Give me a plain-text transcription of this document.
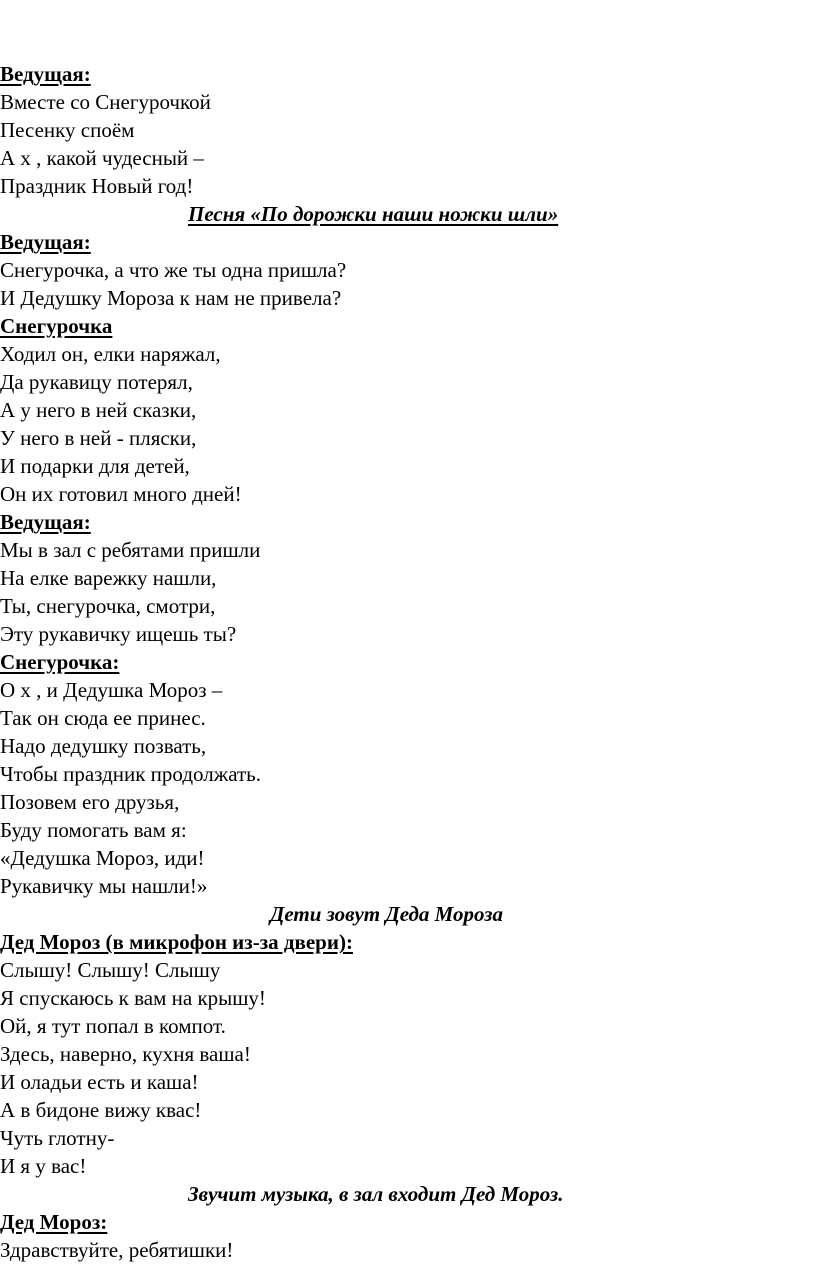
Ведущая:
Вместе со Снегурочкой
Песенку споём
А х , какой чудесный –
Праздник Новый год!
Песня «По дорожки наши ножки шли»
Ведущая:
Снегурочка, а что же ты одна пришла?
И Дедушку Мороза к нам не привела?
Снегурочка
Ходил он, елки наряжал,
Да рукавицу потерял,
А у него в ней сказки,
У него в ней - пляски,
И подарки для детей,
Он их готовил много дней!
Ведущая:
Мы в зал с ребятами пришли
На елке варежку нашли,
Ты, снегурочка, смотри,
Эту рукавичку ищешь ты?
Снегурочка:
О х , и Дедушка Мороз –
Так он сюда ее принес.
Надо дедушку позвать,
Чтобы праздник продолжать.
Позовем его друзья,
Буду помогать вам я:
«Дедушка Мороз, иди!
Рукавичку мы нашли!»
Дети зовут Деда Мороза
Дед Мороз (в микрофон из-за двери):
Слышу! Слышу! Слышу
Я спускаюсь к вам на крышу!
Ой, я тут попал в компот.
Здесь, наверно, кухня ваша!
И оладьи есть и каша!
А в бидоне вижу квас!
Чуть глотну-
И я у вас!
Звучит музыка, в зал входит Дед Мороз.
Дед Мороз:
Здравствуйте, ребятишки!
